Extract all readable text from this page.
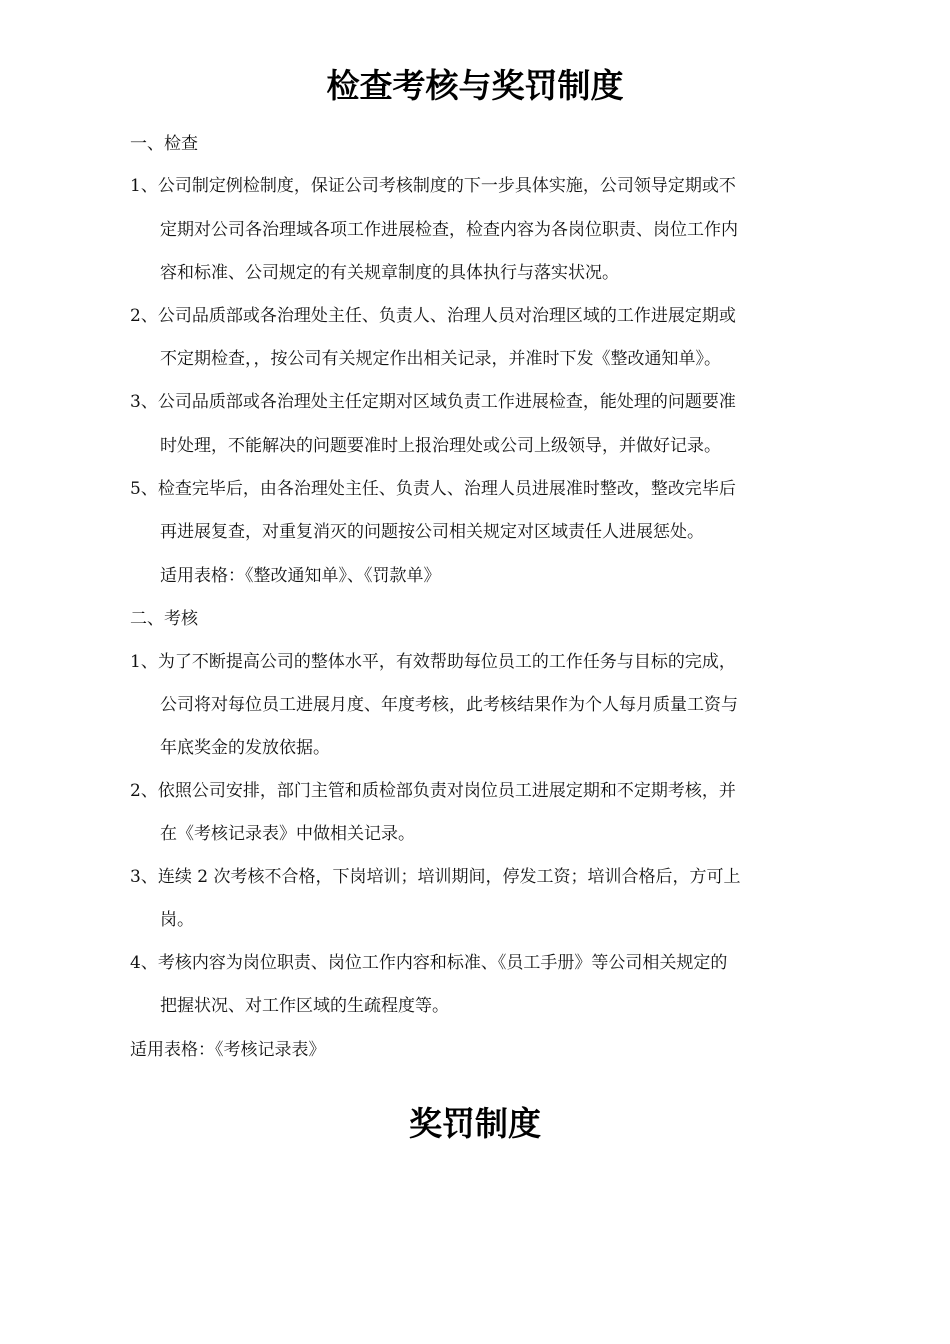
检查考核与奖罚制度
一、检查
1、公司制定例检制度，保证公司考核制度的下一步具体实施，公司领导定期或不
定期对公司各治理域各项工作进展检查，检查内容为各岗位职责、岗位工作内
容和标准、公司规定的有关规章制度的具体执行与落实状况。
2、公司品质部或各治理处主任、负责人、治理人员对治理区域的工作进展定期或
不定期检查，，按公司有关规定作出相关记录，并准时下发《整改通知单》。
3、公司品质部或各治理处主任定期对区域负责工作进展检查，能处理的问题要准
时处理，不能解决的问题要准时上报治理处或公司上级领导，并做好记录。
5、检查完毕后，由各治理处主任、负责人、治理人员进展准时整改，整改完毕后
再进展复查，对重复消灭的问题按公司相关规定对区域责任人进展惩处。
适用表格：《整改通知单》、《罚款单》
二、考核
1、为了不断提高公司的整体水平，有效帮助每位员工的工作任务与目标的完成，
公司将对每位员工进展月度、年度考核，此考核结果作为个人每月质量工资与
年底奖金的发放依据。
2、依照公司安排，部门主管和质检部负责对岗位员工进展定期和不定期考核，并
在《考核记录表》中做相关记录。
3、连续 2 次考核不合格，下岗培训；培训期间，停发工资；培训合格后，方可上
岗。
4、考核内容为岗位职责、岗位工作内容和标准、《员工手册》等公司相关规定的
把握状况、对工作区域的生疏程度等。
适用表格：《考核记录表》
奖罚制度
